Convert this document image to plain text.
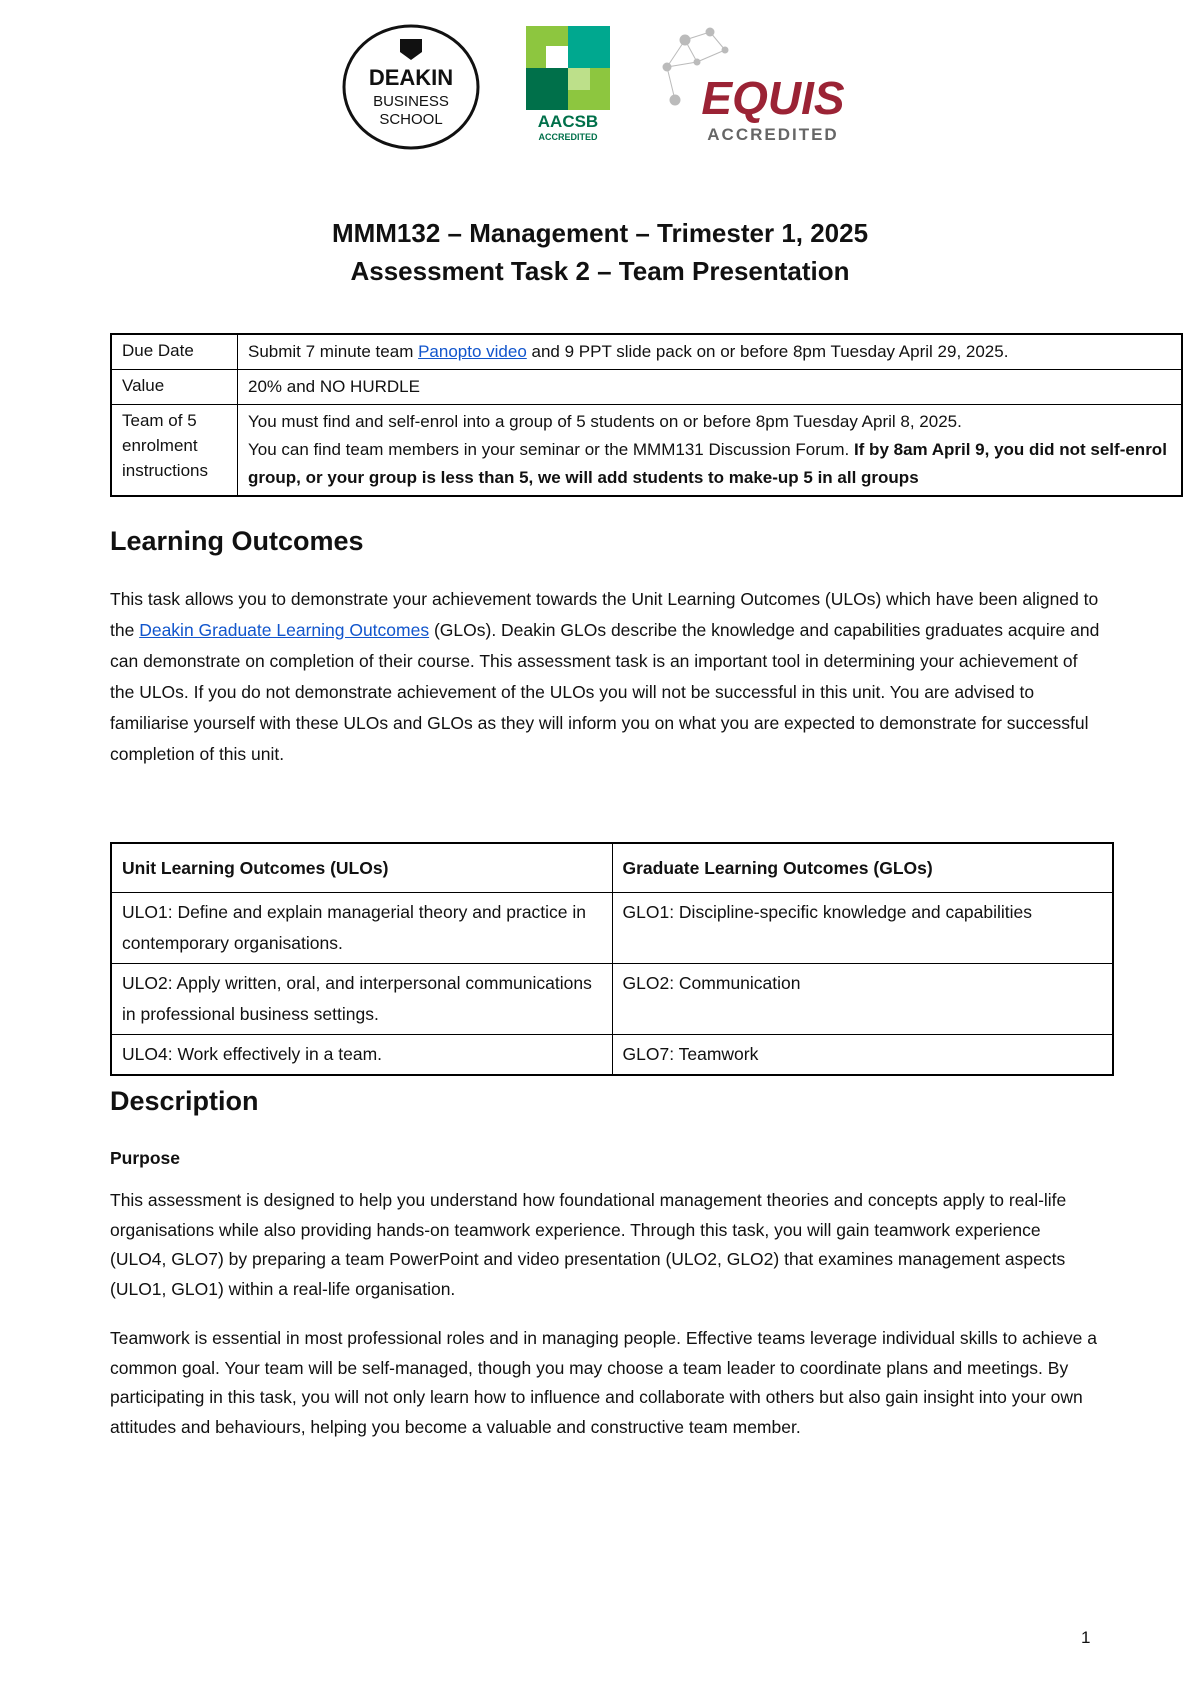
DEAKIN
BUSINESS
SCHOOL	AACSB
ACCREDITED
EQUIS
ACCREDITED
MMM132 – Management – Trimester 1, 2025
Assessment Task 2 – Team Presentation
Due Date	Submit 7 minute team Panopto video and 9 PPT slide pack on or before 8pm Tuesday April 29, 2025.
Value	20% and NO HURDLE
Team of 5 enrolment instructions	You must find and self-enrol into a group of 5 students on or before 8pm Tuesday April 8, 2025.
You can find team members in your seminar or the MMM131 Discussion Forum. If by 8am April 9, you did not self-enrol group, or your group is less than 5, we will add students to make-up 5 in all groups
Learning Outcomes

This task allows you to demonstrate your achievement towards the Unit Learning Outcomes (ULOs) which have been aligned to the Deakin Graduate Learning Outcomes (GLOs). Deakin GLOs describe the knowledge and capabilities graduates acquire and can demonstrate on completion of their course. This assessment task is an important tool in determining your achievement of the ULOs. If you do not demonstrate achievement of the ULOs you will not be successful in this unit. You are advised to familiarise yourself with these ULOs and GLOs as they will inform you on what you are expected to demonstrate for successful completion of this unit.

Unit Learning Outcomes (ULOs)	Graduate Learning Outcomes (GLOs)
ULO1: Define and explain managerial theory and practice in contemporary organisations.	GLO1: Discipline-specific knowledge and capabilities
ULO2: Apply written, oral, and interpersonal communications in professional business settings.	GLO2: Communication
ULO4: Work effectively in a team.	GLO7: Teamwork
Description
Purpose

This assessment is designed to help you understand how foundational management theories and concepts apply to real-life organisations while also providing hands-on teamwork experience. Through this task, you will gain teamwork experience (ULO4, GLO7) by preparing a team PowerPoint and video presentation (ULO2, GLO2) that examines management aspects (ULO1, GLO1) within a real-life organisation.

Teamwork is essential in most professional roles and in managing people. Effective teams leverage individual skills to achieve a common goal. Your team will be self-managed, though you may choose a team leader to coordinate plans and meetings. By participating in this task, you will not only learn how to influence and collaborate with others but also gain insight into your own attitudes and behaviours, helping you become a valuable and constructive team member.

1
